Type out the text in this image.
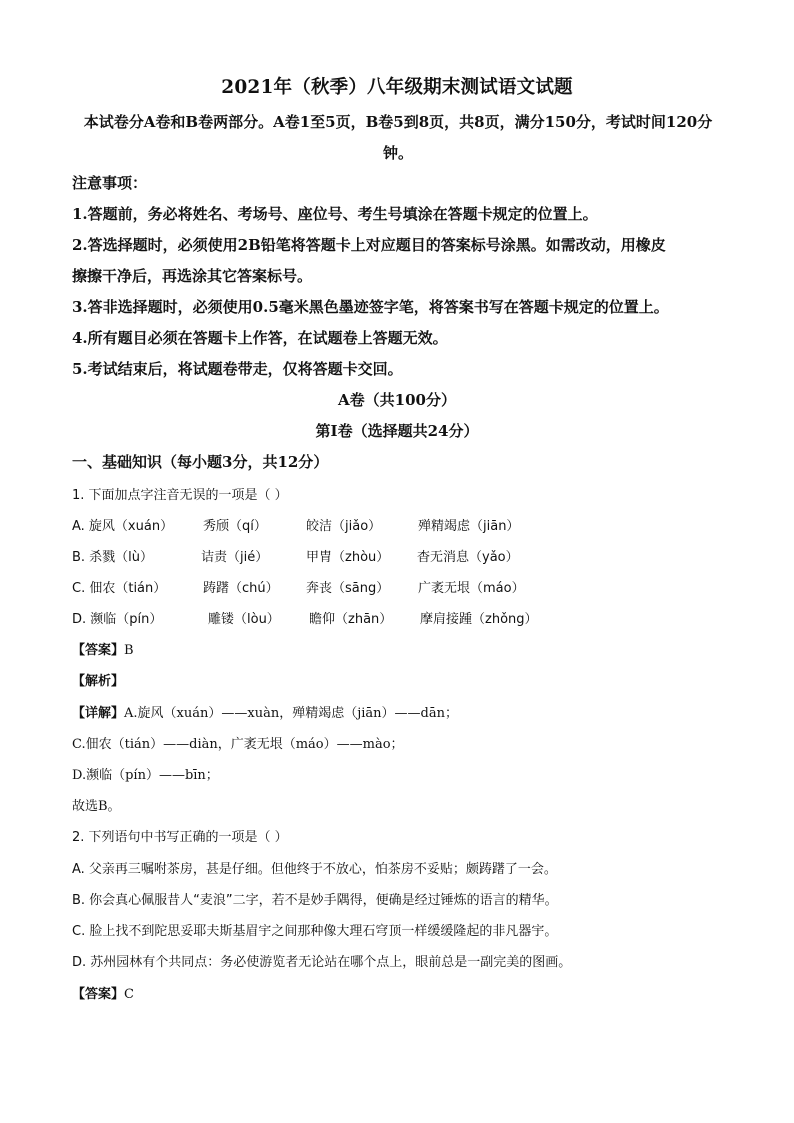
2021年（秋季）八年级期末测试语文试题
本试卷分A卷和B卷两部分。A卷1至5页，B卷5到8页，共8页，满分150分，考试时间120分钟。
注意事项：
1.答题前，务必将姓名、考场号、座位号、考生号填涂在答题卡规定的位置上。
2.答选择题时，必须使用2B铅笔将答题卡上对应题目的答案标号涂黑。如需改动，用橡皮
擦擦干净后，再选涂其它答案标号。
3.答非选择题时，必须使用0.5毫米黑色墨迹签字笔，将答案书写在答题卡规定的位置上。
4.所有题目必须在答题卡上作答，在试题卷上答题无效。
5.考试结束后，将试题卷带走，仅将答题卡交回。
A卷（共100分）
第Ⅰ卷（选择题共24分）
一、基础知识（每小题3分，共12分）
1. 下面加点字注音无误的一项是（ ）
A. 旋风（xuán） 秀颀（qí）	皎洁（jiǎo）	殚精竭虑（jiān）
B. 杀戮（lù）	诘责（jié）	甲胄（zhòu） 杳无消息（yǎo）
C. 佃农（tián）	踌躇（chú） 奔丧（sāng） 广袤无垠（máo）
D. 濒临（pín）	雕镂（lòu） 瞻仰（zhān） 摩肩接踵（zhǒng）
【答案】B
【解析】
【详解】A.旋风（xuán）——xuàn，殚精竭虑（jiān）——dān；
C.佃农（tián）——diàn，广袤无垠（máo）——mào；
D.濒临（pín）——bīn；
故选B。
2. 下列语句中书写正确的一项是（ ）
A. 父亲再三嘱咐茶房，甚是仔细。但他终于不放心，怕茶房不妥贴；颇踌躇了一会。
B. 你会真心佩服昔人“麦浪”二字，若不是妙手隅得，便确是经过锤炼的语言的精华。
C. 脸上找不到陀思妥耶夫斯基眉宇之间那种像大理石穹顶一样缓缓隆起的非凡器宇。
D. 苏州园林有个共同点：务必使游览者无论站在哪个点上，眼前总是一副完美的图画。
【答案】C
